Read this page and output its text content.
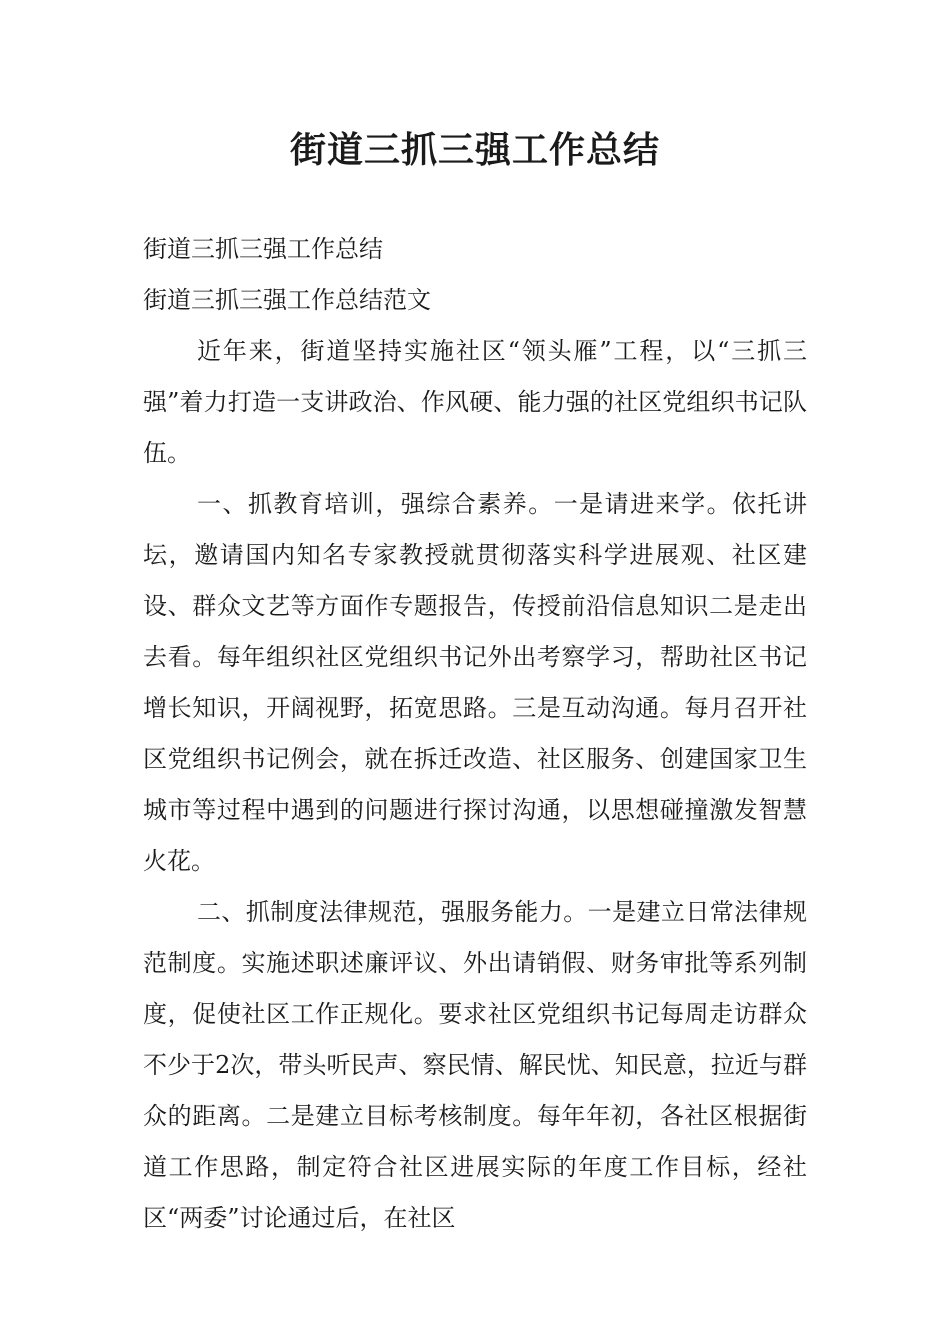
街道三抓三强工作总结

街道三抓三强工作总结

街道三抓三强工作总结范文

近年来，街道坚持实施社区“领头雁”工程，以“三抓三强”着力打造一支讲政治、作风硬、能力强的社区党组织书记队伍。

一、抓教育培训，强综合素养。一是请进来学。依托讲坛，邀请国内知名专家教授就贯彻落实科学进展观、社区建设、群众文艺等方面作专题报告，传授前沿信息知识二是走出去看。每年组织社区党组织书记外出考察学习，帮助社区书记增长知识，开阔视野，拓宽思路。三是互动沟通。每月召开社区党组织书记例会，就在拆迁改造、社区服务、创建国家卫生城市等过程中遇到的问题进行探讨沟通，以思想碰撞激发智慧火花。

二、抓制度法律规范，强服务能力。一是建立日常法律规范制度。实施述职述廉评议、外出请销假、财务审批等系列制度，促使社区工作正规化。要求社区党组织书记每周走访群众不少于2次，带头听民声、察民情、解民忧、知民意，拉近与群众的距离。二是建立目标考核制度。每年年初，各社区根据街道工作思路，制定符合社区进展实际的年度工作目标，经社区“两委”讨论通过后，在社区
